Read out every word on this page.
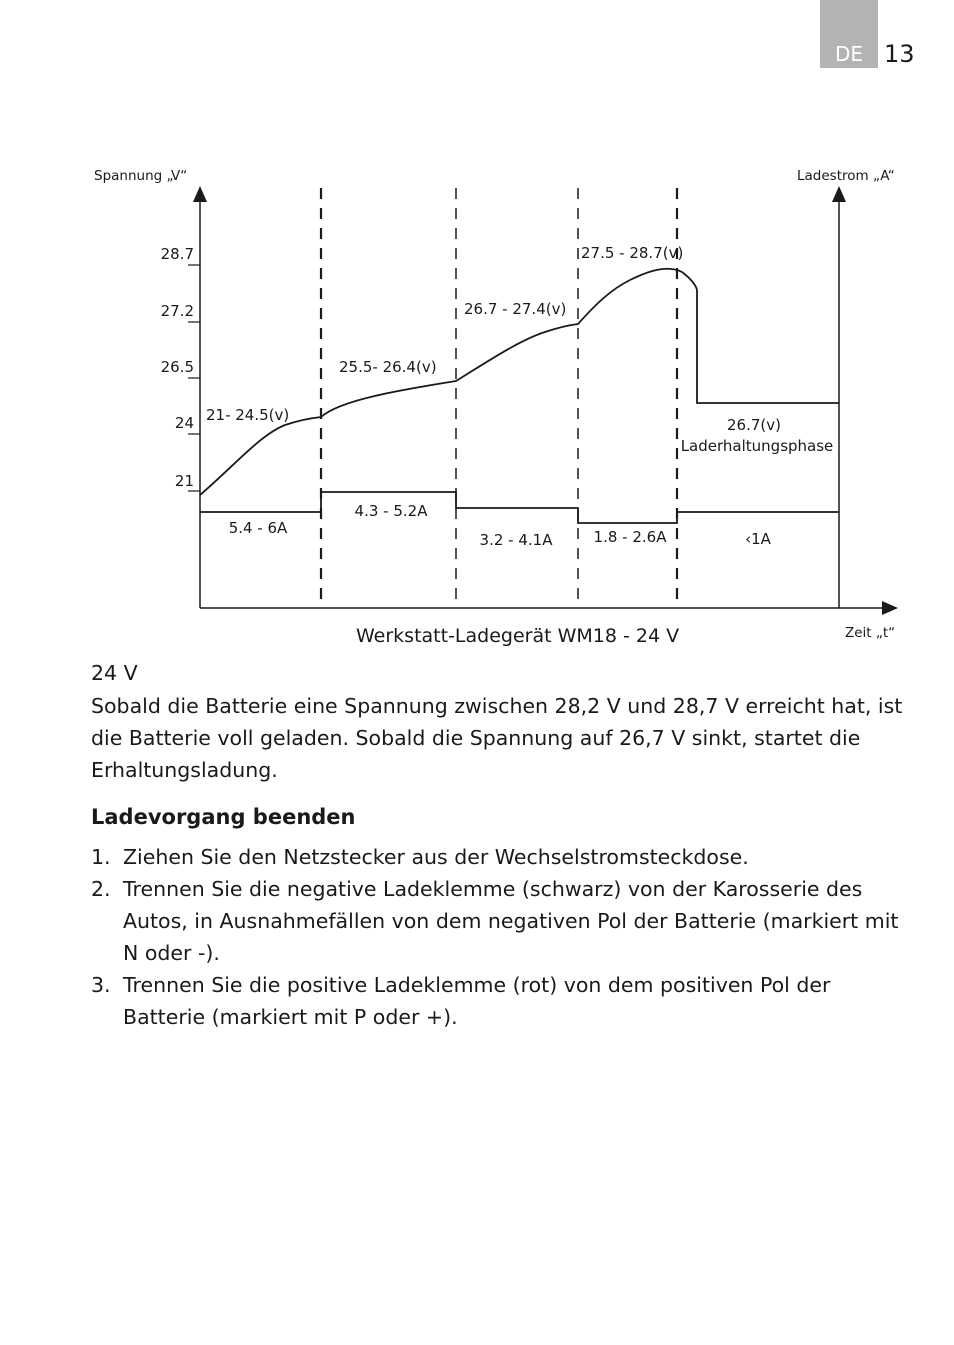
DE 13
Spannung „V“	Ladestrom „A“
Zeit „t“
Werkstatt-Ladegerät WM18 - 24 V
28.7
27.2
26.5
24
21
21- 24.5(v)
25.5- 26.4(v)
26.7 - 27.4(v)
27.5 - 28.7(v)
26.7(v)
Laderhaltungsphase
5.4 - 6A
4.3 - 5.2A
3.2 - 4.1A	1.8 - 2.6A	‹1A
24 V
Sobald die Batterie eine Spannung zwischen 28,2 V und 28,7 V erreicht hat, ist die Batterie voll geladen. Sobald die Spannung auf 26,7 V sinkt, startet die Erhaltungsladung.
Ladevorgang beenden
1. Ziehen Sie den Netzstecker aus der Wechselstromsteckdose.
2. Trennen Sie die negative Ladeklemme (schwarz) von der Karosserie des Autos, in Ausnahmefällen von dem negativen Pol der Batterie (markiert mit N oder -).
3. Trennen Sie die positive Ladeklemme (rot) von dem positiven Pol der Batterie (markiert mit P oder +).
